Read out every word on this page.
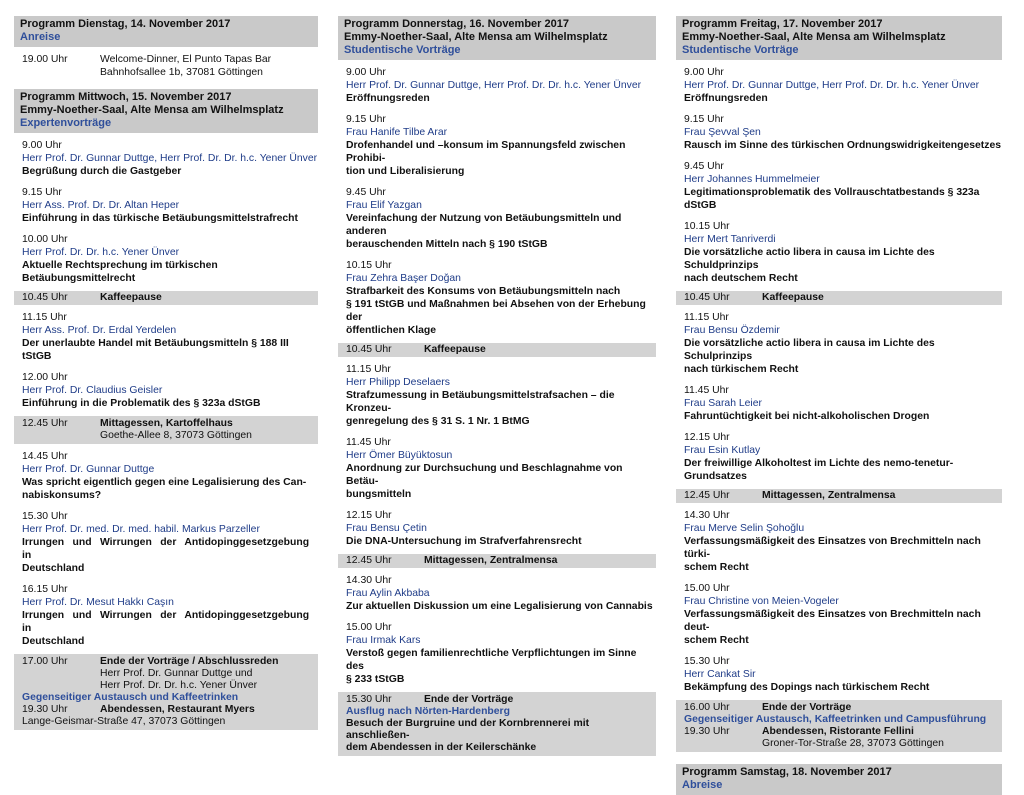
Programm Dienstag, 14. November 2017
Anreise
19.00 Uhr	Welcome-Dinner, El Punto Tapas Bar
Bahnhofsallee 1b, 37081 Göttingen
Programm Mittwoch, 15. November 2017
Emmy-Noether-Saal, Alte Mensa am Wilhelmsplatz
Expertenvorträge
9.00 Uhr
Herr Prof. Dr. Gunnar Duttge, Herr Prof. Dr. Dr. h.c. Yener Ünver
Begrüßung durch die Gastgeber
9.15 Uhr
Herr Ass. Prof. Dr. Dr. Altan Heper
Einführung in das türkische Betäubungsmittelstrafrecht
10.00 Uhr
Herr Prof. Dr. Dr. h.c. Yener Ünver
Aktuelle Rechtsprechung im türkischen Betäubungsmittelrecht
10.45 Uhr	Kaffeepause
11.15 Uhr
Herr Ass. Prof. Dr. Erdal Yerdelen
Der unerlaubte Handel mit Betäubungsmitteln § 188 III tStGB
12.00 Uhr
Herr Prof. Dr. Claudius Geisler
Einführung in die Problematik des § 323a dStGB
12.45 Uhr	Mittagessen, Kartoffelhaus
Goethe-Allee 8, 37073 Göttingen
14.45 Uhr
Herr Prof. Dr. Gunnar Duttge
Was spricht eigentlich gegen eine Legalisierung des Can-
nabiskonsums?
15.30 Uhr
Herr Prof. Dr. med. Dr. med. habil. Markus Parzeller
Irrungen und Wirrungen der Antidopinggesetzgebung in
Deutschland
16.15 Uhr
Herr Prof. Dr. Mesut Hakkı Caşın
Irrungen und Wirrungen der Antidopinggesetzgebung in
Deutschland
17.00 Uhr	Ende der Vorträge / Abschlussreden
Herr Prof. Dr. Gunnar Duttge und
Herr Prof. Dr. Dr. h.c. Yener Ünver
Gegenseitiger Austausch und Kaffeetrinken
19.30 Uhr	Abendessen, Restaurant Myers
Lange-Geismar-Straße 47, 37073 Göttingen
Programm Donnerstag, 16. November 2017
Emmy-Noether-Saal, Alte Mensa am Wilhelmsplatz
Studentische Vorträge
9.00 Uhr
Herr Prof. Dr. Gunnar Duttge, Herr Prof. Dr. Dr. h.c. Yener Ünver
Eröffnungsreden
9.15 Uhr
Frau Hanife Tilbe Arar
Drofenhandel und –konsum im Spannungsfeld zwischen Prohibi-
tion und Liberalisierung
9.45 Uhr
Frau Elif Yazgan
Vereinfachung der Nutzung von Betäubungsmitteln und anderen
berauschenden Mitteln nach § 190 tStGB
10.15 Uhr
Frau Zehra Başer Doğan
Strafbarkeit des Konsums von Betäubungsmitteln nach
§ 191 tStGB und Maßnahmen bei Absehen von der Erhebung der
öffentlichen Klage
10.45 Uhr	Kaffeepause
11.15 Uhr
Herr Philipp Deselaers
Strafzumessung in Betäubungsmittelstrafsachen – die Kronzeu-
genregelung des § 31 S. 1 Nr. 1 BtMG
11.45 Uhr
Herr Ömer Büyüktosun
Anordnung zur Durchsuchung und Beschlagnahme von Betäu-
bungsmitteln
12.15 Uhr
Frau Bensu Çetin
Die DNA-Untersuchung im Strafverfahrensrecht
12.45 Uhr	Mittagessen, Zentralmensa
14.30 Uhr
Frau Aylin Akbaba
Zur aktuellen Diskussion um eine Legalisierung von Cannabis
15.00 Uhr
Frau Irmak Kars
Verstoß gegen familienrechtliche Verpflichtungen im Sinne des
§ 233 tStGB
15.30 Uhr	Ende der Vorträge
Ausflug nach Nörten-Hardenberg
Besuch der Burgruine und der Kornbrennerei mit anschließen-
dem Abendessen in der Keilerschänke
Programm Freitag, 17. November 2017
Emmy-Noether-Saal, Alte Mensa am Wilhelmsplatz
Studentische Vorträge
9.00 Uhr
Herr Prof. Dr. Gunnar Duttge, Herr Prof. Dr. Dr. h.c. Yener Ünver
Eröffnungsreden
9.15 Uhr
Frau Şevval Şen
Rausch im Sinne des türkischen Ordnungswidrigkeitengesetzes
9.45 Uhr
Herr Johannes Hummelmeier
Legitimationsproblematik des Vollrauschtatbestands § 323a dStGB
10.15 Uhr
Herr Mert Tanriverdi
Die vorsätzliche actio libera in causa im Lichte des Schuldprinzips
nach deutschem Recht
10.45 Uhr	Kaffeepause
11.15 Uhr
Frau Bensu Özdemir
Die vorsätzliche actio libera in causa im Lichte des Schulprinzips
nach türkischem Recht
11.45 Uhr
Frau Sarah Leier
Fahruntüchtigkeit bei nicht-alkoholischen Drogen
12.15 Uhr
Frau Esin Kutlay
Der freiwillige Alkoholtest im Lichte des nemo-tenetur-Grundsatzes
12.45 Uhr	Mittagessen, Zentralmensa
14.30 Uhr
Frau Merve Selin Şohoğlu
Verfassungsmäßigkeit des Einsatzes von Brechmitteln nach türki-
schem Recht
15.00 Uhr
Frau Christine von Meien-Vogeler
Verfassungsmäßigkeit des Einsatzes von Brechmitteln nach deut-
schem Recht
15.30 Uhr
Herr Cankat Sir
Bekämpfung des Dopings nach türkischem Recht
16.00 Uhr	Ende der Vorträge
Gegenseitiger Austausch, Kaffeetrinken und Campusführung
19.30 Uhr	Abendessen, Ristorante Fellini
Groner-Tor-Straße 28, 37073 Göttingen
Programm Samstag, 18. November 2017
Abreise
